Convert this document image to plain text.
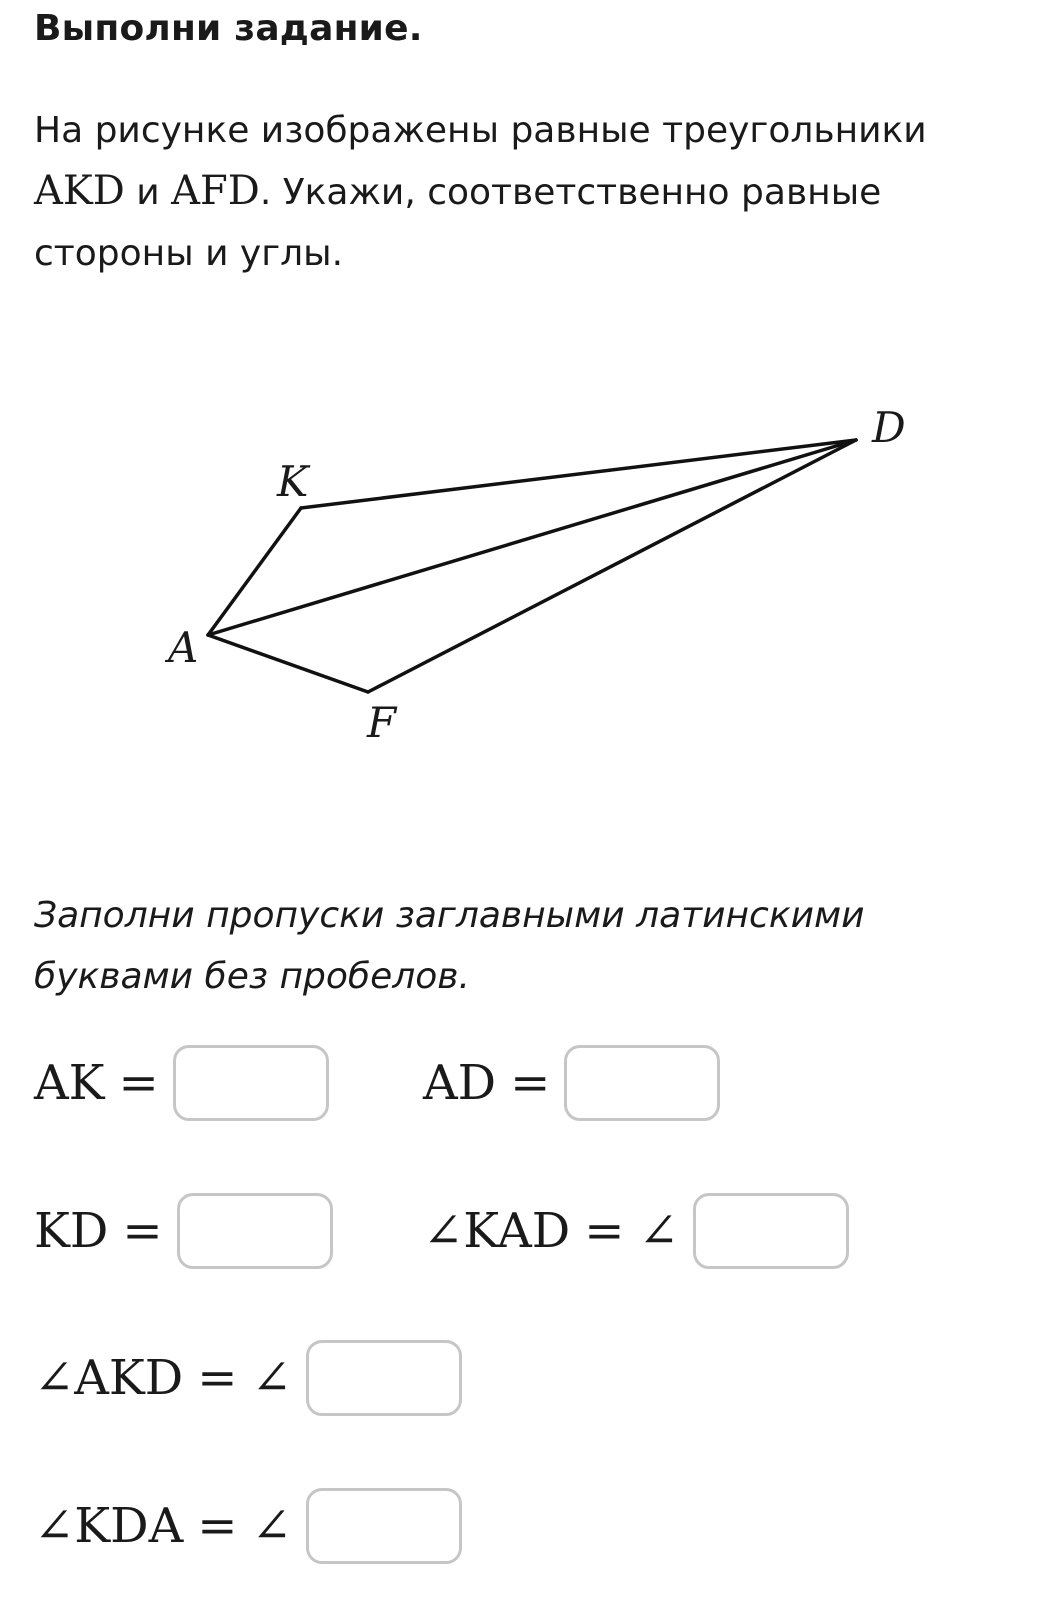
Выполни задание.

На рисунке изображены равные треугольники AKD и AFD. Укажи, соответственно равные стороны и углы.

K
D
A
F

Заполни пропуски заглавными латинскими буквами без пробелов.

AK =	AD =
KD =	∠KAD = ∠
∠AKD = ∠
∠KDA = ∠
